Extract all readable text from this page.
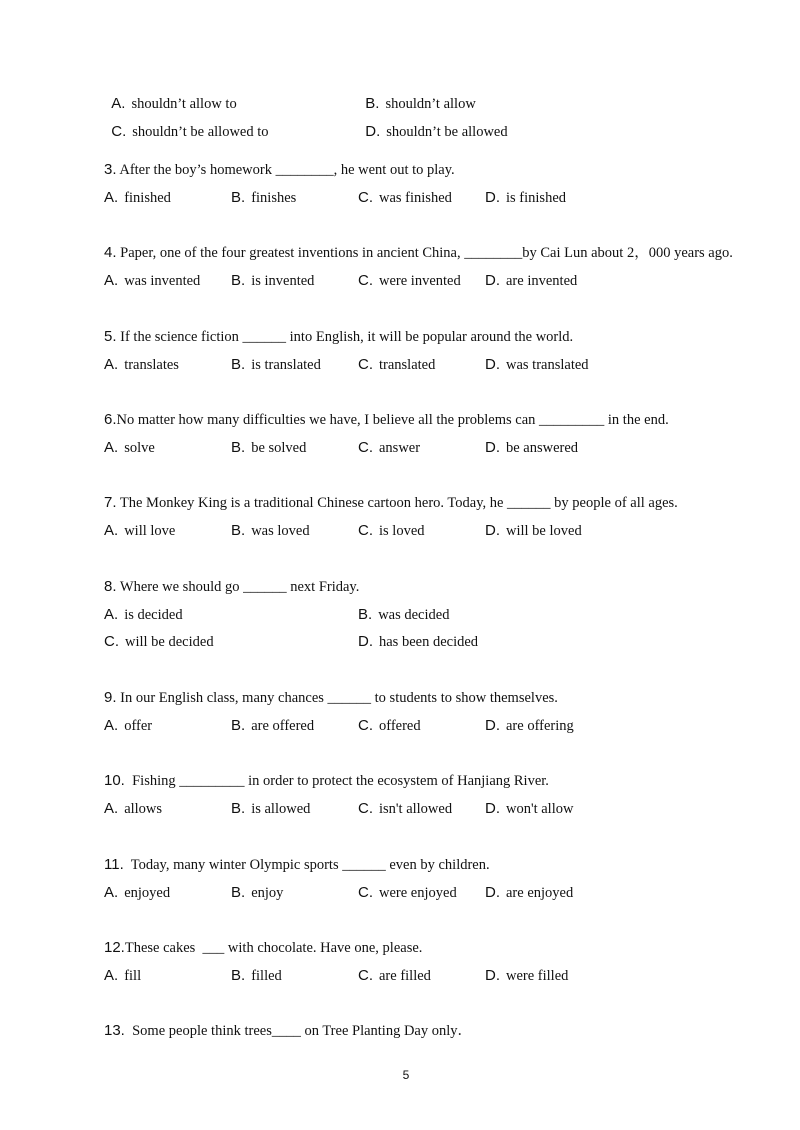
A. shouldn’t allow to	B. shouldn’t allow

C. shouldn’t be allowed to	D. shouldn’t be allowed

3. After the boy’s homework ________, he went out to play.
A. finished	B. finishes	C. was finished D. is finished
4. Paper, one of the four greatest inventions in ancient China, ________by Cai Lun about 2，000 years ago.
A. was invented B. is invented	C. were invented D. are invented
5. If the science fiction ______ into English, it will be popular around the world.
A. translates	B. is translated C. translated	D. was translated
6.No matter how many difficulties we have, I believe all the problems can _________ in the end.
A. solve	B. be solved	C. answer	D. be answered
7. The Monkey King is a traditional Chinese cartoon hero. Today, he ______ by people of all ages.
A. will love	B. was loved	C. is loved	D. will be loved
8. Where we should go ______ next Friday.
A. is decided	B. was decided
C. will be decided	D. has been decided
9. In our English class, many chances ______ to students to show themselves.
A. offer	B. are offered	C. offered	D. are offering
10. Fishing _________ in order to protect the ecosystem of Hanjiang River.
A. allows	B. is allowed	C. isn't allowed D. won't allow
11. Today, many winter Olympic sports ______ even by children.
A. enjoyed	B. enjoy	C. were enjoyed D. are enjoyed
12.These cakes  ___ with chocolate. Have one, please.
A. fill	B. filled	C. are filled	D. were filled
13. Some people think trees____ on Tree Planting Day only．
5
